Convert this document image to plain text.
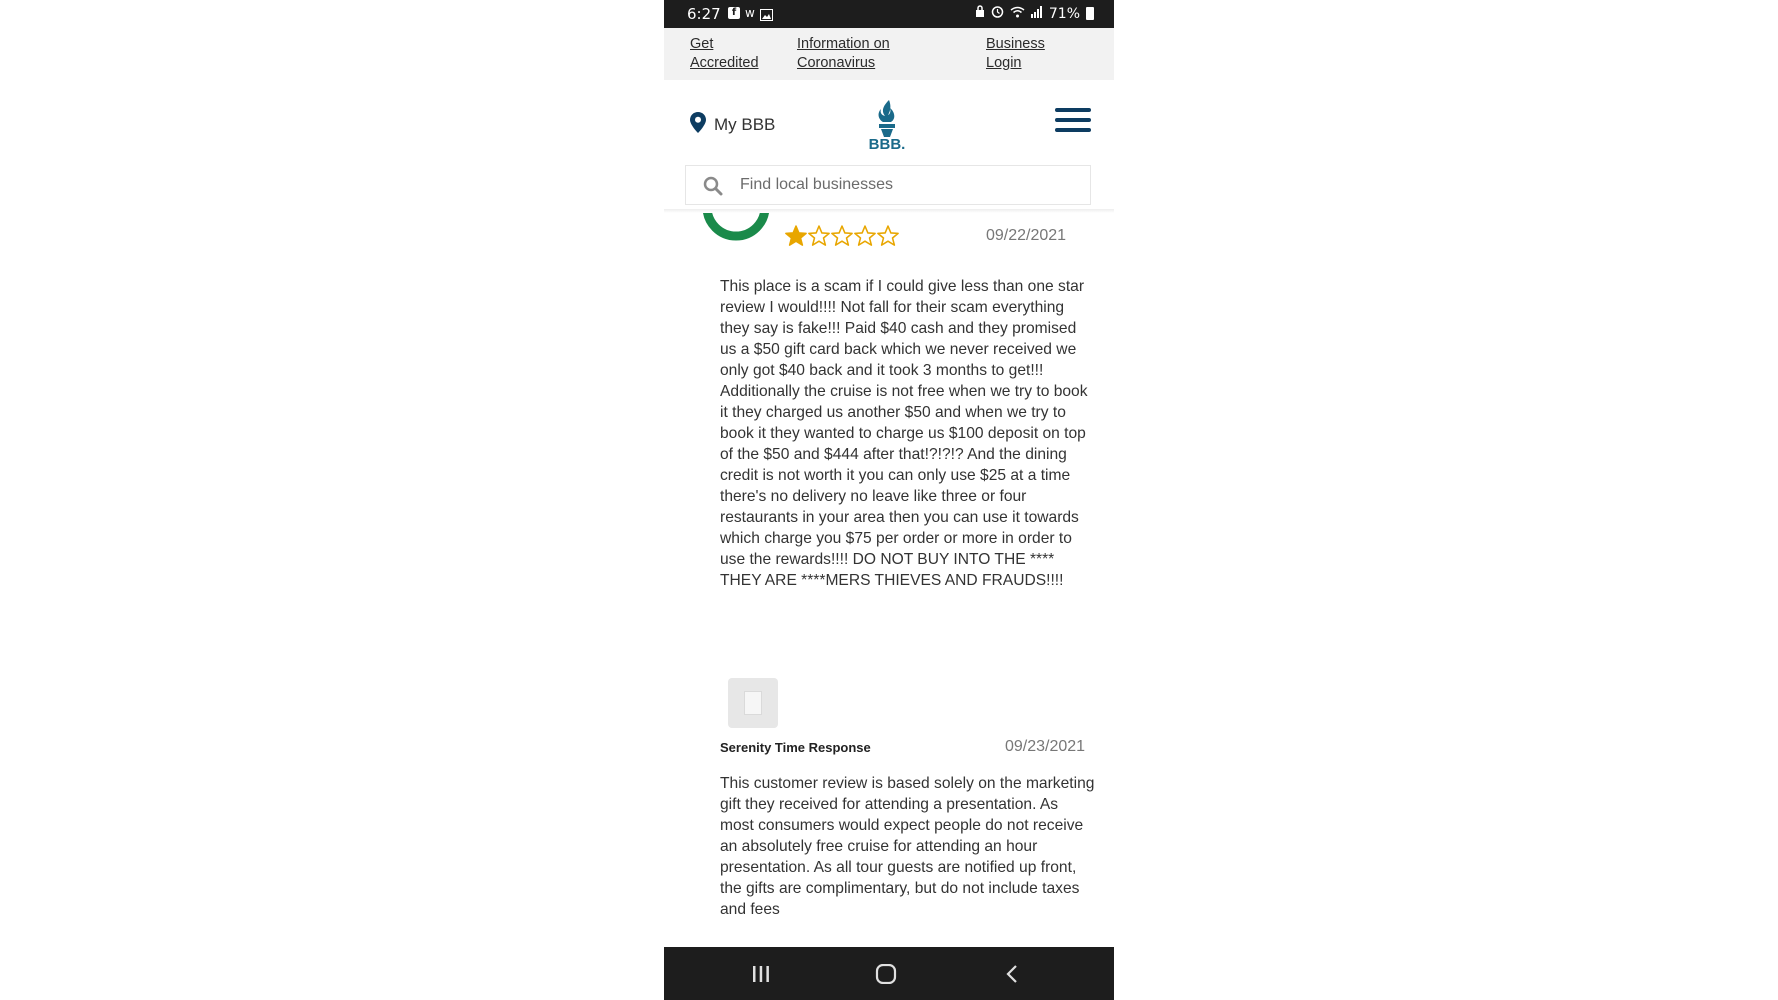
6:27	f w	71%
Get Accredited
Information on Coronavirus
Business Login
My BBB
BBB.
Find local businesses
09/22/2021

This place is a scam if I could give less than one star review I would!!!! Not fall for their scam everything they say is fake!!! Paid $40 cash and they promised us a $50 gift card back which we never received we only got $40 back and it took 3 months to get!!! Additionally the cruise is not free when we try to book it they charged us another $50 and when we try to book it they wanted to charge us $100 deposit on top of the $50 and $444 after that!?!?!? And the dining credit is not worth it you can only use $25 at a time there's no delivery no leave like three or four restaurants in your area then you can use it towards which charge you $75 per order or more in order to use the rewards!!!! DO NOT BUY INTO THE **** THEY ARE ****MERS THIEVES AND FRAUDS!!!!

Serenity Time Response	09/23/2021

This customer review is based solely on the marketing gift they received for attending a presentation. As most consumers would expect people do not receive an absolutely free cruise for attending an hour presentation. As all tour guests are notified up front, the gifts are complimentary, but do not include taxes and fees
